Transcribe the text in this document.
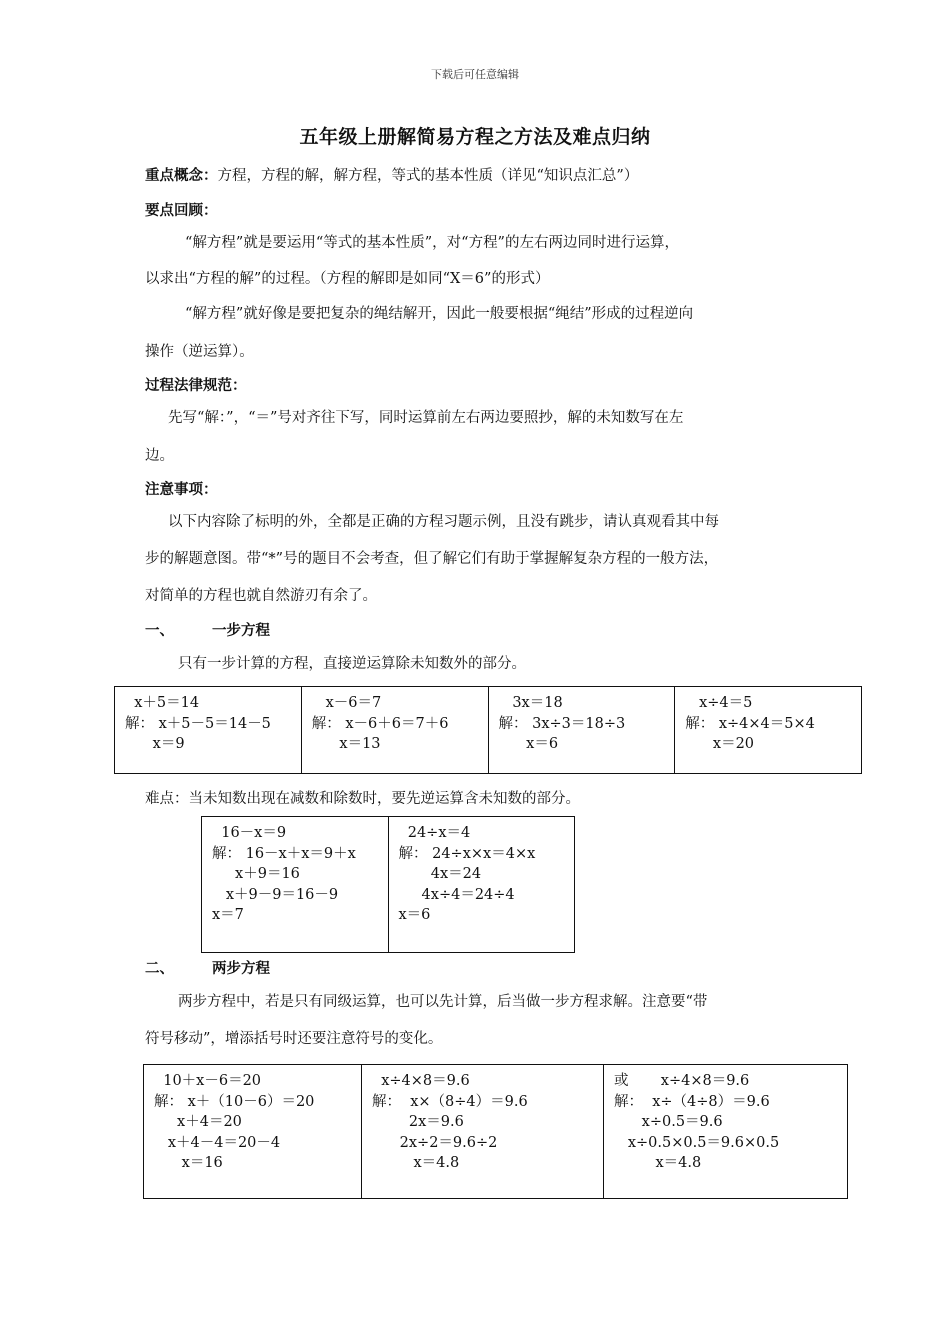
下载后可任意编辑
五年级上册解简易方程之方法及难点归纳
重点概念：方程，方程的解，解方程，等式的基本性质（详见“知识点汇总”）
要点回顾：
“解方程”就是要运用“等式的基本性质”，对“方程”的左右两边同时进行运算，
以求出“方程的解”的过程。（方程的解即是如同“X＝6”的形式）
“解方程”就好像是要把复杂的绳结解开，因此一般要根据“绳结”形成的过程逆向
操作（逆运算）。
过程法律规范：
先写“解：”，“＝”号对齐往下写，同时运算前左右两边要照抄，解的未知数写在左
边。
注意事项：
以下内容除了标明的外，全都是正确的方程习题示例，且没有跳步，请认真观看其中每
步的解题意图。带“*”号的题目不会考查，但了解它们有助于掌握解复杂方程的一般方法，
对简单的方程也就自然游刃有余了。
一、	一步方程
只有一步计算的方程，直接逆运算除未知数外的部分。
x＋5＝14
解： x＋5－5＝14－5
x＝9

x－6＝7
解： x－6＋6＝7＋6
x＝13

3x＝18
解： 3x÷3＝18÷3
x＝6

x÷4＝5
解： x÷4×4＝5×4
x＝20
难点：当未知数出现在减数和除数时，要先逆运算含未知数的部分。
16－x＝9
解： 16－x＋x＝9＋x
x＋9＝16
x＋9－9＝16－9
x＝7

24÷x＝4
解： 24÷x×x＝4×x
4x＝24
4x÷4＝24÷4
x＝6
二、	两步方程
两步方程中，若是只有同级运算，也可以先计算，后当做一步方程求解。注意要“带
符号移动”，增添括号时还要注意符号的变化。
10＋x－6＝20
解： x＋（10－6）＝20
x＋4＝20
x＋4－4＝20－4
x＝16

x÷4×8＝9.6
解：  x×（8÷4）＝9.6
2x＝9.6
2x÷2＝9.6÷2
x＝4.8

或       x÷4×8＝9.6
解：  x÷（4÷8）＝9.6
x÷0.5＝9.6
x÷0.5×0.5＝9.6×0.5
x＝4.8
